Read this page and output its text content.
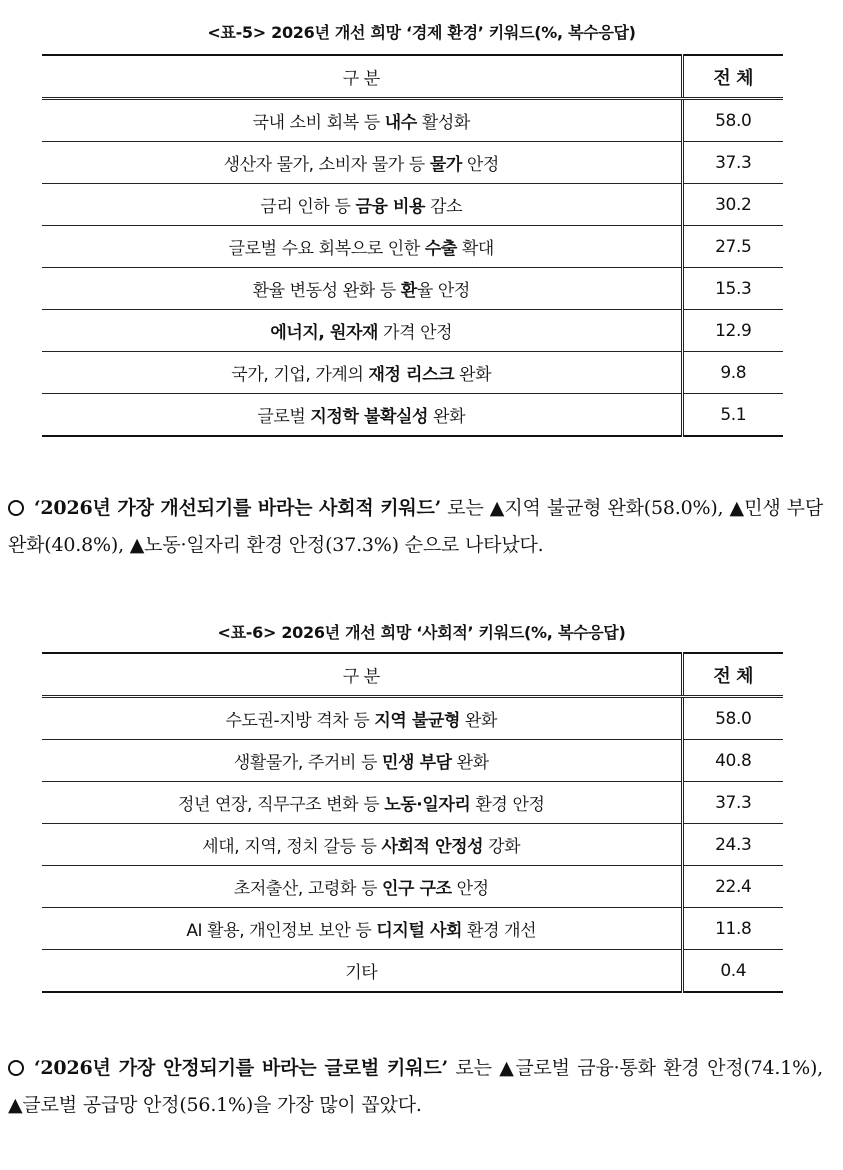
<표-5> 2026년 개선 희망 ‘경제 환경’ 키워드(%, 복수응답)
구 분	전 체
국내 소비 회복 등 내수 활성화	58.0
생산자 물가, 소비자 물가 등 물가 안정	37.3
금리 인하 등 금융 비용 감소	30.2
글로벌 수요 회복으로 인한 수출 확대	27.5
환율 변동성 완화 등 환율 안정	15.3
에너지, 원자재 가격 안정	12.9
국가, 기업, 가계의 재정 리스크 완화	9.8
글로벌 지정학 불확실성 완화	5.1
‘2026년 가장 개선되기를 바라는 사회적 키워드’ 로는 ▲지역 불균형 완화(58.0%), ▲민생 부담 완화(40.8%), ▲노동·일자리 환경 안정(37.3%) 순으로 나타났다.
<표-6> 2026년 개선 희망 ‘사회적’ 키워드(%, 복수응답)
구 분	전 체
수도권-지방 격차 등 지역 불균형 완화	58.0
생활물가, 주거비 등 민생 부담 완화	40.8
정년 연장, 직무구조 변화 등 노동·일자리 환경 안정	37.3
세대, 지역, 정치 갈등 등 사회적 안정성 강화	24.3
초저출산, 고령화 등 인구 구조 안정	22.4
AI 활용, 개인정보 보안 등 디지털 사회 환경 개선	11.8
기타	0.4
‘2026년 가장 안정되기를 바라는 글로벌 키워드’ 로는 ▲글로벌 금융·통화 환경 안정(74.1%), ▲글로벌 공급망 안정(56.1%)을 가장 많이 꼽았다.
